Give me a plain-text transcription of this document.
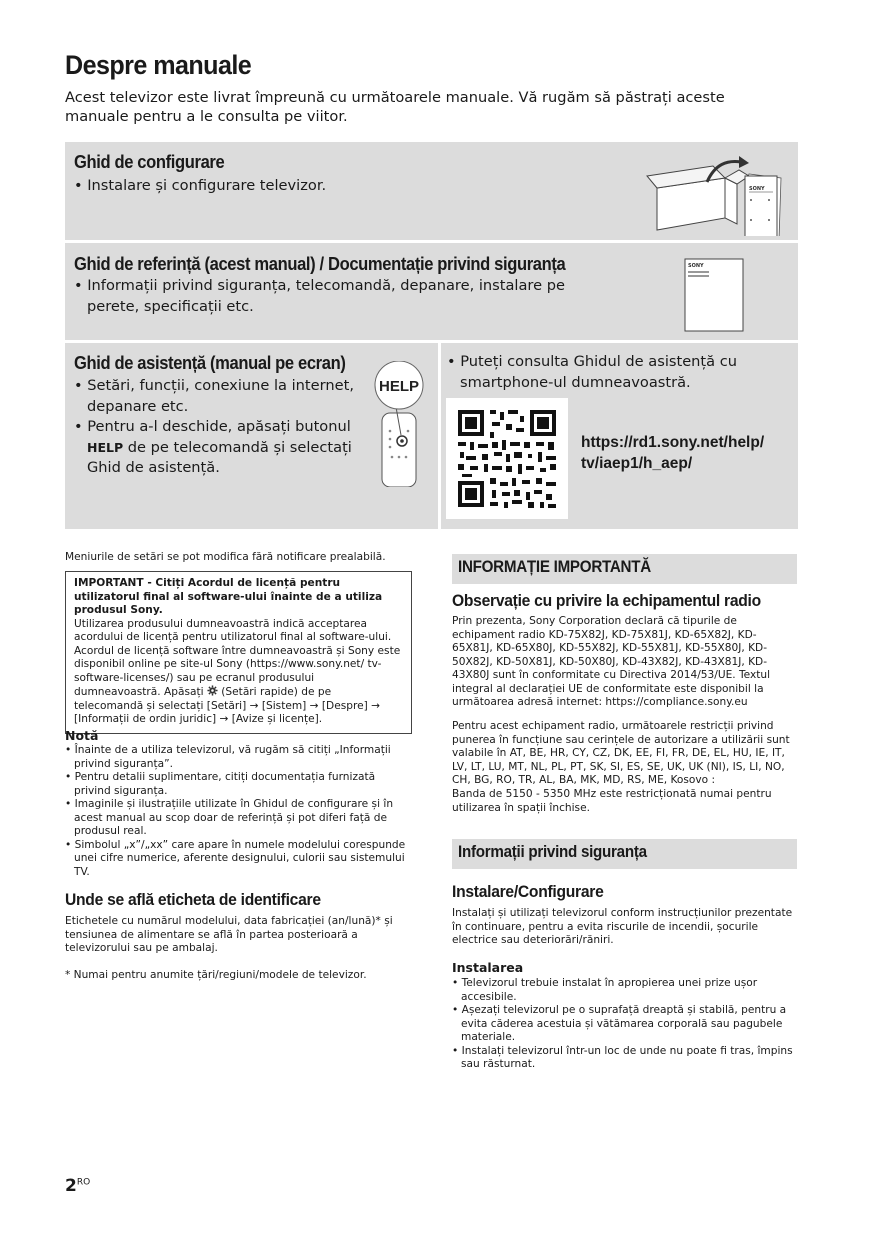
Despre manuale
Acest televizor este livrat împreună cu următoarele manuale. Vă rugăm să păstrați aceste manuale pentru a le consulta pe viitor.
Ghid de configurare
• Instalare și configurare televizor.	SONY
Ghid de referință (acest manual) / Documentație privind siguranța
• Informații privind siguranța, telecomandă, depanare, instalare pe perete, specificații etc.
SONY
Ghid de asistență (manual pe ecran)
• Setări, funcții, conexiune la internet, depanare etc.
• Pentru a-l deschide, apăsați butonul HELP de pe telecomandă și selectați Ghid de asistență.
HELP
• Puteți consulta Ghidul de asistență cu smartphone-ul dumneavoastră.
https://rd1.sony.net/help/
tv/iaep1/h_aep/
Meniurile de setări se pot modifica fără notificare prealabilă.
IMPORTANT - Citiți Acordul de licență pentru utilizatorul final al software-ului înainte de a utiliza produsul Sony.
Utilizarea produsului dumneavoastră indică acceptarea acordului de licență pentru utilizatorul final al software-ului. Acordul de licență software între dumneavoastră și Sony este disponibil online pe site-ul Sony (https://www.sony.net/ tv-software-licenses/) sau pe ecranul produsului dumneavoastră. Apăsați  (Setări rapide) de pe telecomandă și selectați [Setări] → [Sistem] → [Despre] → [Informații de ordin juridic] → [Avize și licențe].
Notă
• Înainte de a utiliza televizorul, vă rugăm să citiți „Informații privind siguranța”.
• Pentru detalii suplimentare, citiți documentația furnizată privind siguranța.
• Imaginile și ilustrațiile utilizate în Ghidul de configurare și în acest manual au scop doar de referință și pot diferi față de produsul real.
• Simbolul „x”/„xx” care apare în numele modelului corespunde unei cifre numerice, aferente designului, culorii sau sistemului TV.
Unde se află eticheta de identificare
Etichetele cu numărul modelului, data fabricației (an/lună)* și tensiunea de alimentare se află în partea posterioară a televizorului sau pe ambalaj.
* Numai pentru anumite țări/regiuni/modele de televizor.
INFORMAȚIE IMPORTANTĂ
Observație cu privire la echipamentul radio
Prin prezenta, Sony Corporation declară că tipurile de echipament radio KD-75X82J, KD-75X81J, KD-65X82J, KD-65X81J, KD-65X80J, KD-55X82J, KD-55X81J, KD-55X80J, KD-50X82J, KD-50X81J, KD-50X80J, KD-43X82J, KD-43X81J, KD-43X80J sunt în conformitate cu Directiva 2014/53/UE. Textul integral al declarației UE de conformitate este disponibil la următoarea adresă internet: https://compliance.sony.eu
Pentru acest echipament radio, următoarele restricții privind punerea în funcțiune sau cerințele de autorizare a utilizării sunt valabile în AT, BE, HR, CY, CZ, DK, EE, FI, FR, DE, EL, HU, IE, IT, LV, LT, LU, MT, NL, PL, PT, SK, SI, ES, SE, UK, UK (NI), IS, LI, NO, CH, BG, RO, TR, AL, BA, MK, MD, RS, ME, Kosovo :
Banda de 5150 - 5350 MHz este restricționată numai pentru utilizarea în spații închise.
Informații privind siguranța
Instalare/Configurare
Instalați și utilizați televizorul conform instrucțiunilor prezentate în continuare, pentru a evita riscurile de incendii, șocurile electrice sau deteriorări/răniri.
Instalarea
• Televizorul trebuie instalat în apropierea unei prize ușor accesibile.
• Așezați televizorul pe o suprafață dreaptă și stabilă, pentru a evita căderea acestuia și vătămarea corporală sau pagubele materiale.
• Instalați televizorul într-un loc de unde nu poate fi tras, împins sau răsturnat.
$2^{RO}$
